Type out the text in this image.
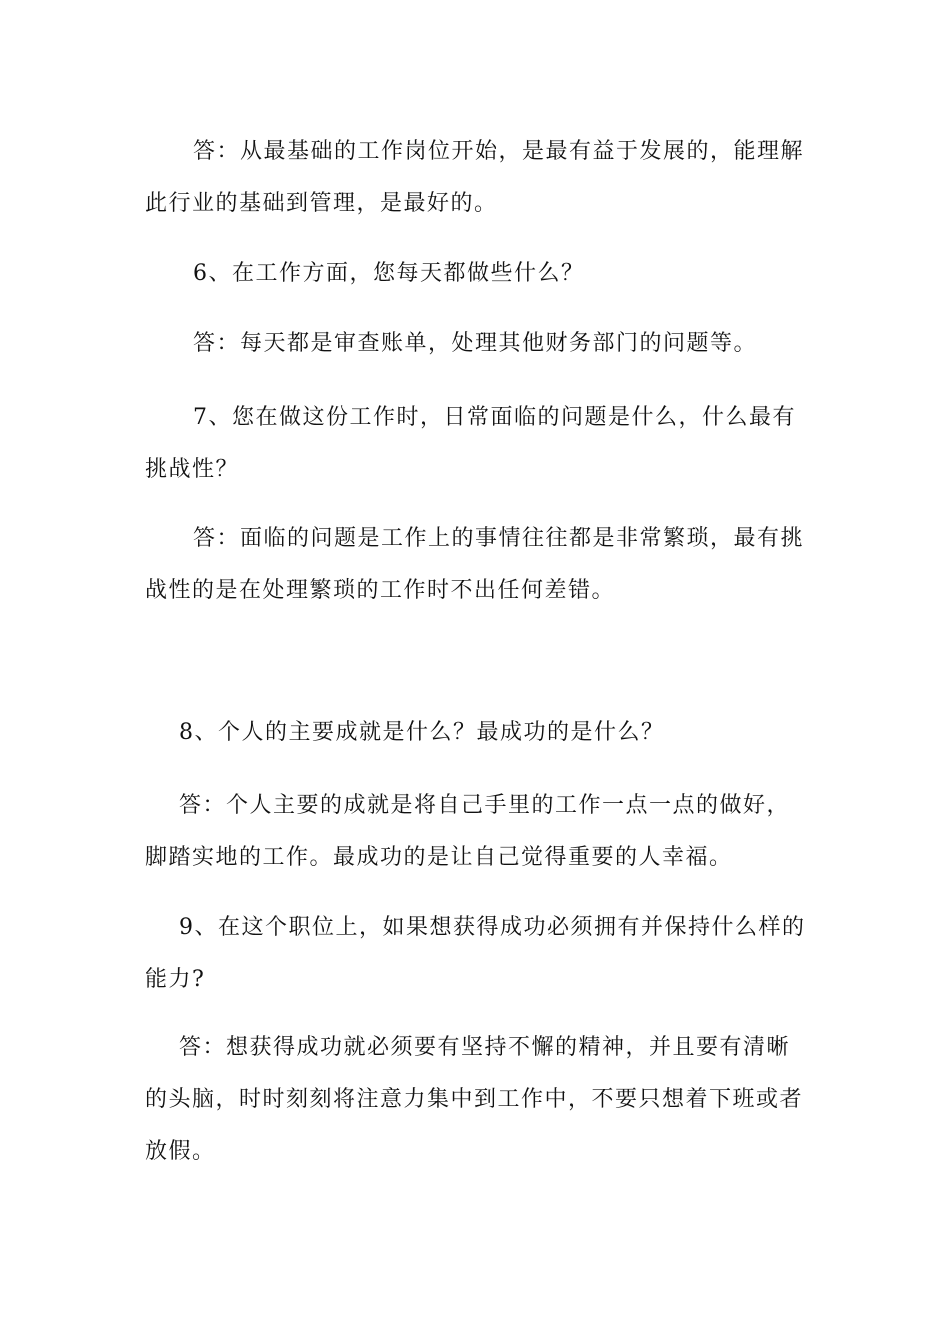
答：从最基础的工作岗位开始，是最有益于发展的，能理解此行业的基础到管理，是最好的。

6、在工作方面，您每天都做些什么？

答：每天都是审查账单，处理其他财务部门的问题等。

7、您在做这份工作时，日常面临的问题是什么，什么最有挑战性？

答：面临的问题是工作上的事情往往都是非常繁琐，最有挑战性的是在处理繁琐的工作时不出任何差错。

8、个人的主要成就是什么？最成功的是什么？

答：个人主要的成就是将自己手里的工作一点一点的做好，脚踏实地的工作。最成功的是让自己觉得重要的人幸福。

9、在这个职位上，如果想获得成功必须拥有并保持什么样的能力?

答：想获得成功就必须要有坚持不懈的精神，并且要有清晰的头脑，时时刻刻将注意力集中到工作中，不要只想着下班或者放假。
